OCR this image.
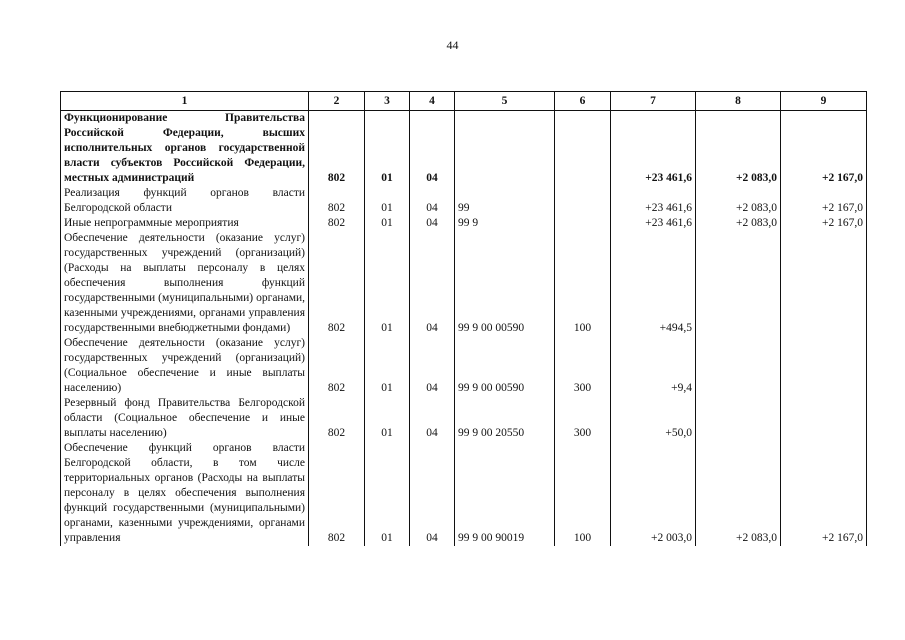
44
1	2	3	4	5	6	7	8	9
Функционирование Правительства Российской Федерации, высших исполнительных органов государственной власти субъектов Российской Федерации, местных администраций	802	01	04			+23 461,6	+2 083,0	+2 167,0
Реализация функций органов власти Белгородской области	802	01	04	99		+23 461,6	+2 083,0	+2 167,0
Иные непрограммные мероприятия	802	01	04	99 9		+23 461,6	+2 083,0	+2 167,0
Обеспечение деятельности (оказание услуг) государственных учреждений (организаций) (Расходы на выплаты персоналу в целях обеспечения выполнения функций государственными (муниципальными) органами, казенными учреждениями, органами управления государственными внебюджетными фондами)	802	01	04	99 9 00 00590	100	+494,5		
Обеспечение деятельности (оказание услуг) государственных учреждений (организаций) (Социальное обеспечение и иные выплаты населению)	802	01	04	99 9 00 00590	300	+9,4		
Резервный фонд Правительства Белгородской области (Социальное обеспечение и иные выплаты населению)	802	01	04	99 9 00 20550	300	+50,0		
Обеспечение функций органов власти Белгородской области, в том числе территориальных органов (Расходы на выплаты персоналу в целях обеспечения выполнения функций государственными (муниципальными) органами, казенными учреждениями, органами управления	802	01	04	99 9 00 90019	100	+2 003,0	+2 083,0	+2 167,0
